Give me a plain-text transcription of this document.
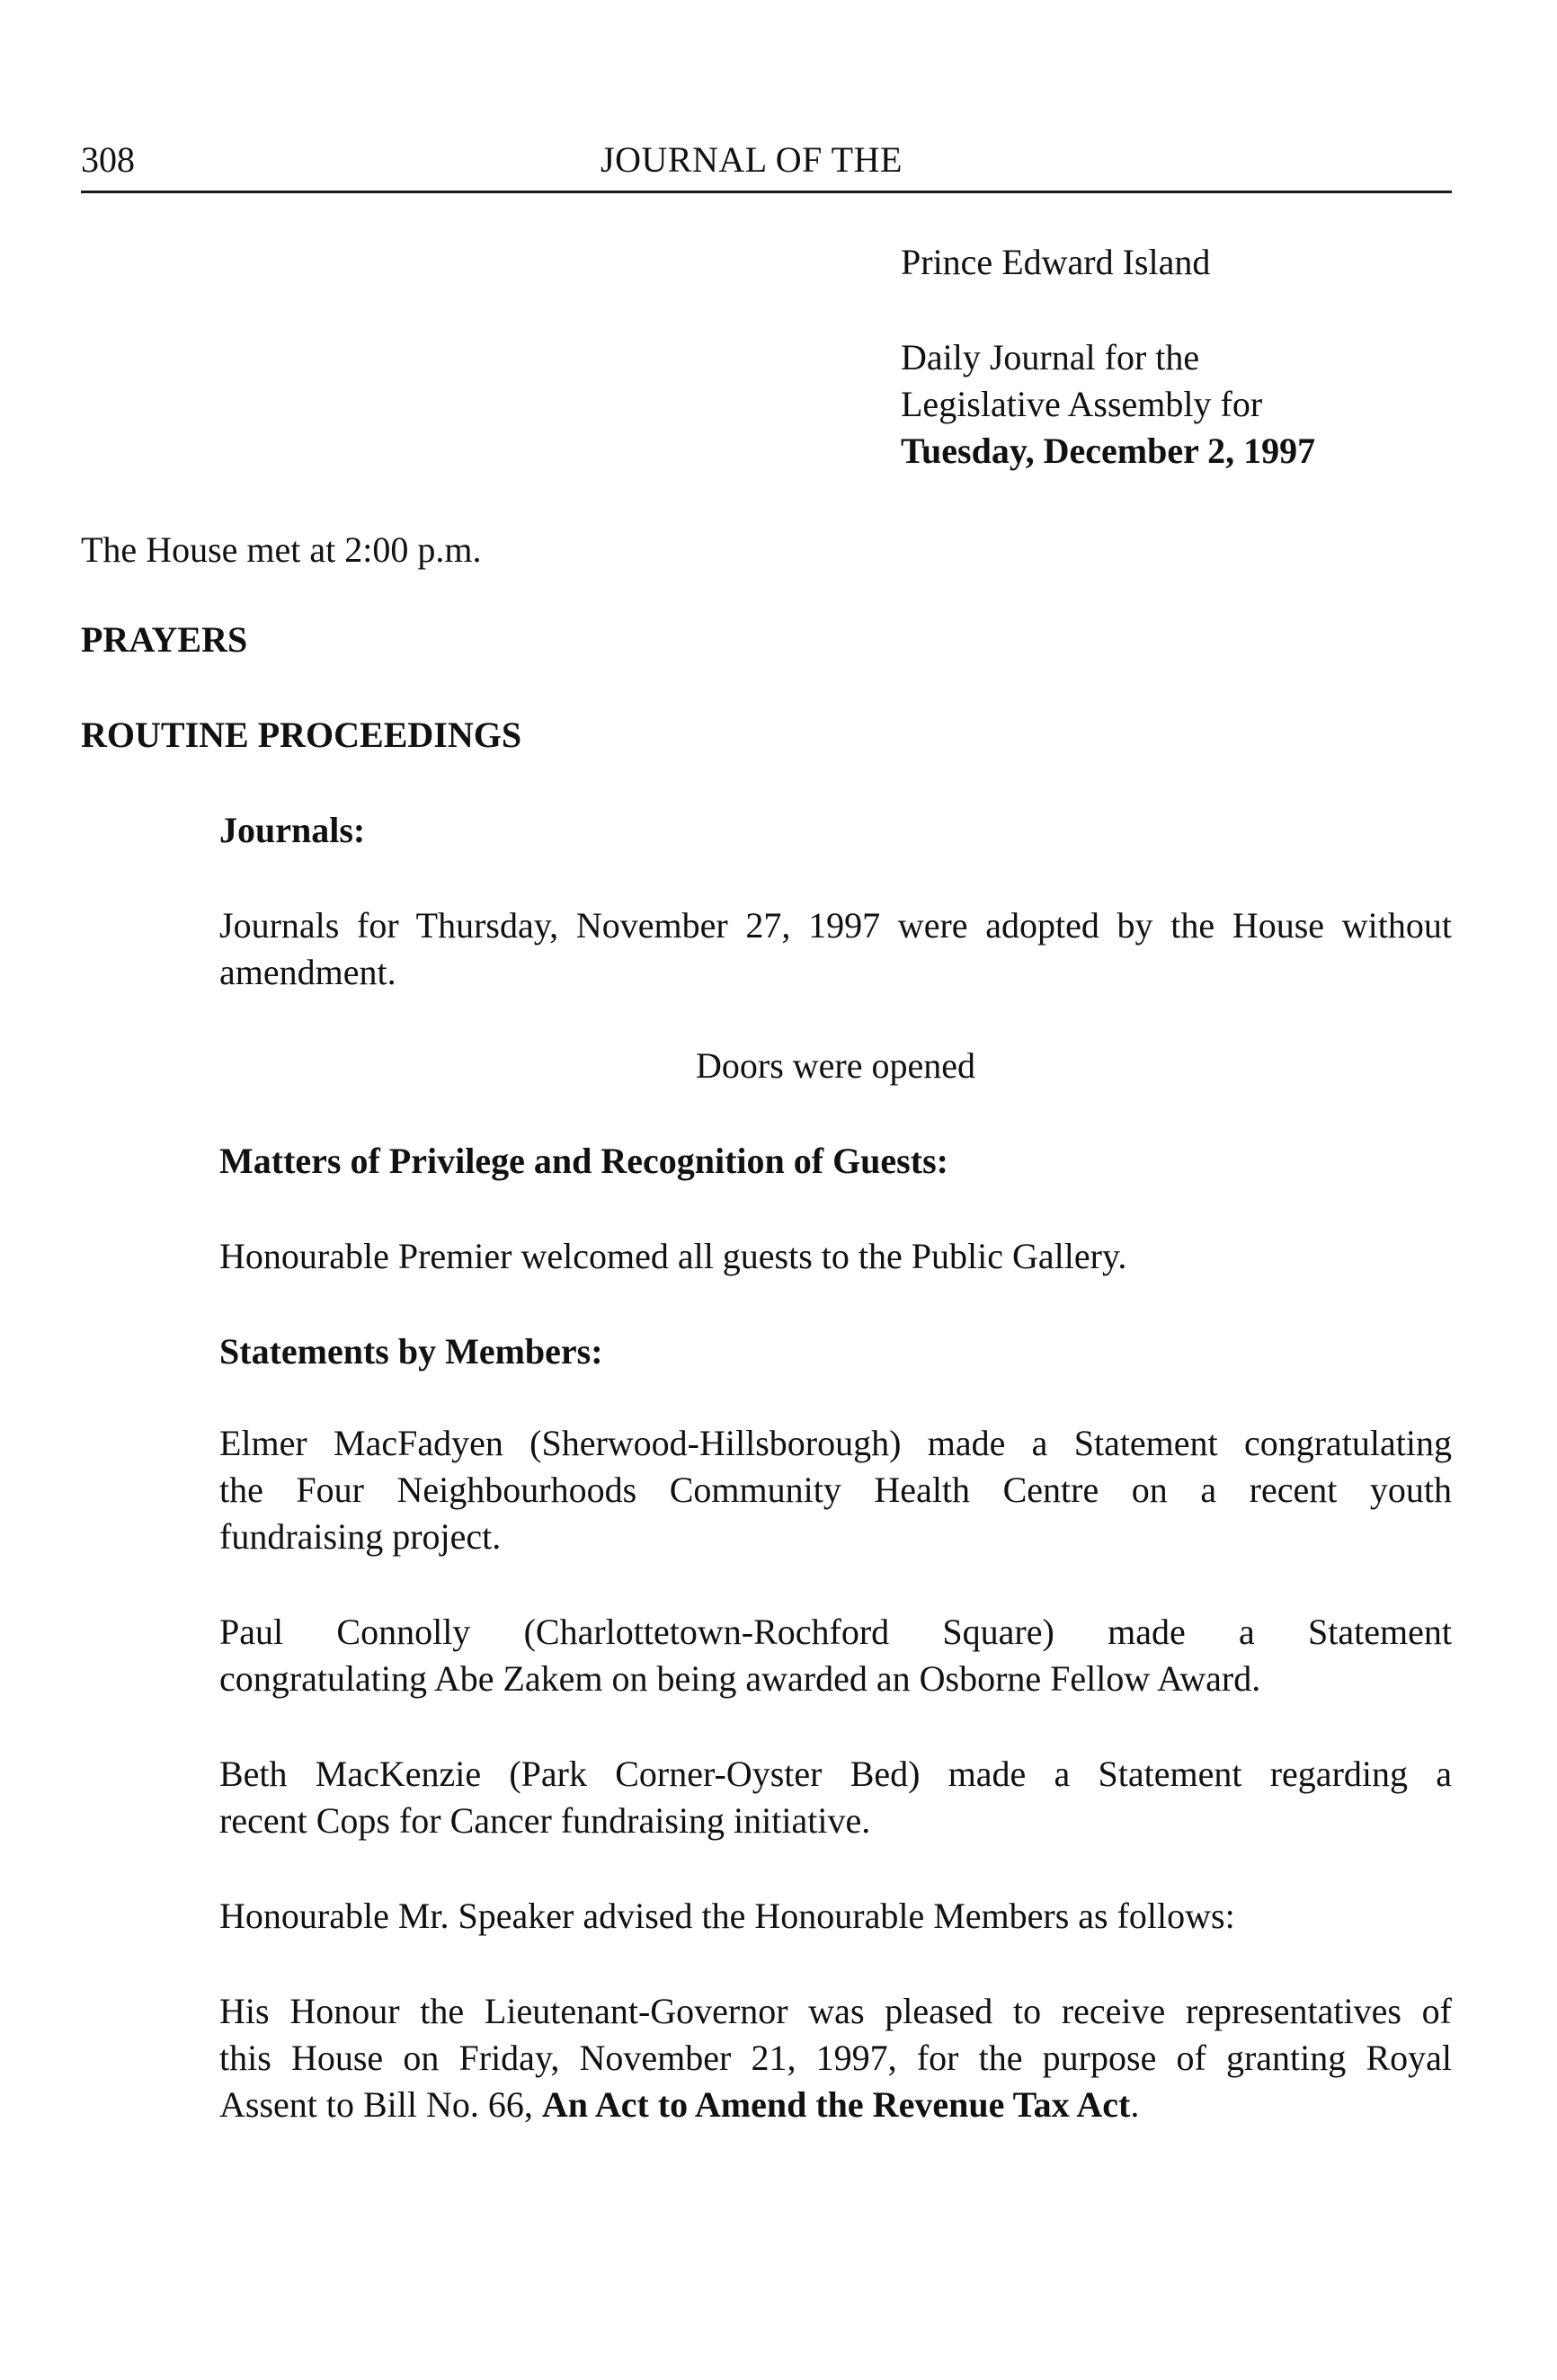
308	JOURNAL OF THE
Prince Edward Island
Daily Journal for the
Legislative Assembly for
Tuesday, December 2, 1997
The House met at 2:00 p.m.
PRAYERS
ROUTINE PROCEEDINGS
Journals:
Journals for Thursday, November 27, 1997 were adopted by the House without
amendment.
Doors were opened
Matters of Privilege and Recognition of Guests:
Honourable Premier welcomed all guests to the Public Gallery.
Statements by Members:
Elmer MacFadyen (Sherwood-Hillsborough) made a Statement congratulating
the Four Neighbourhoods Community Health Centre on a recent youth
fundraising project.
Paul Connolly (Charlottetown-Rochford Square) made a Statement
congratulating Abe Zakem on being awarded an Osborne Fellow Award.
Beth MacKenzie (Park Corner-Oyster Bed) made a Statement regarding a
recent Cops for Cancer fundraising initiative.
Honourable Mr. Speaker advised the Honourable Members as follows:
His Honour the Lieutenant-Governor was pleased to receive representatives of
this House on Friday, November 21, 1997, for the purpose of granting Royal
Assent to Bill No. 66, An Act to Amend the Revenue Tax Act.
